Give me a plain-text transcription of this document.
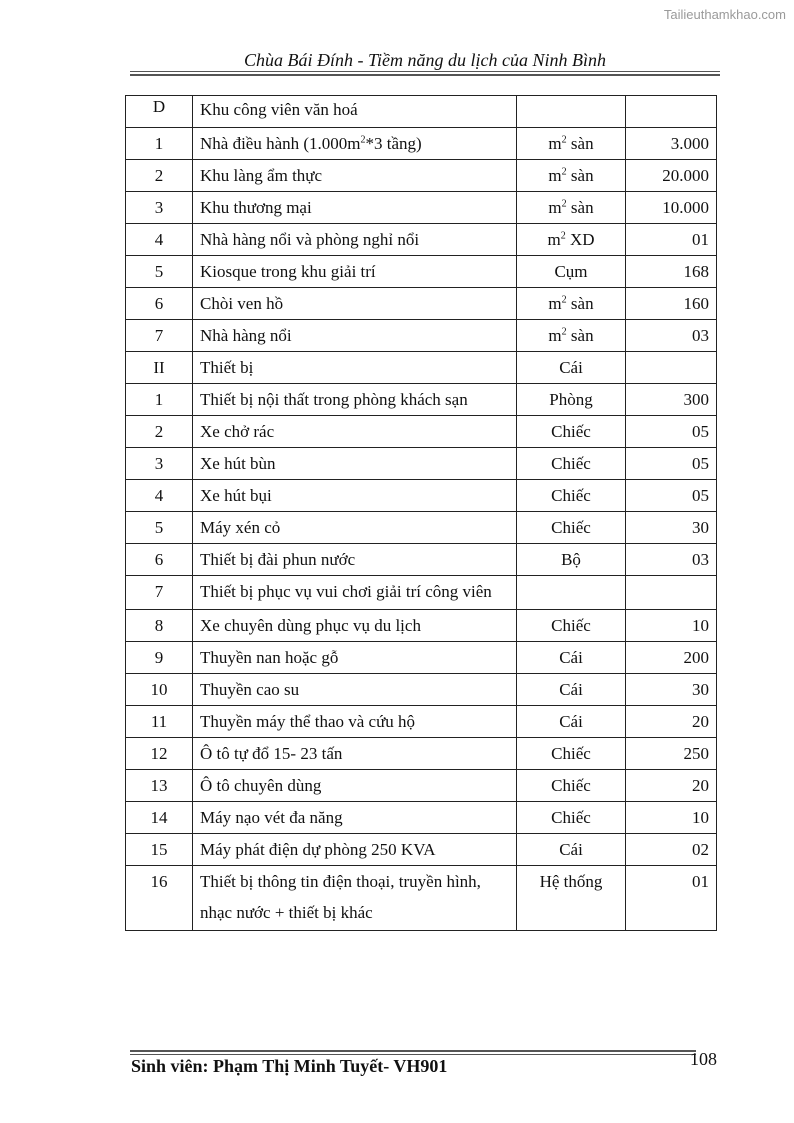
Tailieuthamkhao.com
Chùa Bái Đính - Tiềm năng du lịch của Ninh Bình
D	Khu công viên văn hoá		
1	Nhà điều hành ($1.000m^2*3$ tầng)	$m^2$ sàn	3.000
2	Khu làng ẩm thực	$m^2$ sàn	20.000
3	Khu thương mại	$m^2$ sàn	10.000
4	Nhà hàng nổi và phòng nghỉ nổi	$m^2$ XD	01
5	Kiosque trong khu giải trí	Cụm	168
6	Chòi ven hồ	$m^2$ sàn	160
7	Nhà hàng nổi	$m^2$ sàn	03
II	Thiết bị	Cái	
1	Thiết bị nội thất trong phòng khách sạn	Phòng	300
2	Xe chở rác	Chiếc	05
3	Xe hút bùn	Chiếc	05
4	Xe hút bụi	Chiếc	05
5	Máy xén cỏ	Chiếc	30
6	Thiết bị đài phun nước	Bộ	03
7	Thiết bị phục vụ vui chơi giải trí công viên		
8	Xe chuyên dùng phục vụ du lịch	Chiếc	10
9	Thuyền nan hoặc gỗ	Cái	200
10	Thuyền cao su	Cái	30
11	Thuyền máy thể thao và cứu hộ	Cái	20
12	Ô tô tự đổ 15- 23 tấn	Chiếc	250
13	Ô tô chuyên dùng	Chiếc	20
14	Máy nạo vét đa năng	Chiếc	10
15	Máy phát điện dự phòng 250 KVA	Cái	02
16	Thiết bị thông tin điện thoại, truyền hình, nhạc nước + thiết bị khác	Hệ thống	01
Sinh viên: Phạm Thị Minh Tuyết- VH901	108
